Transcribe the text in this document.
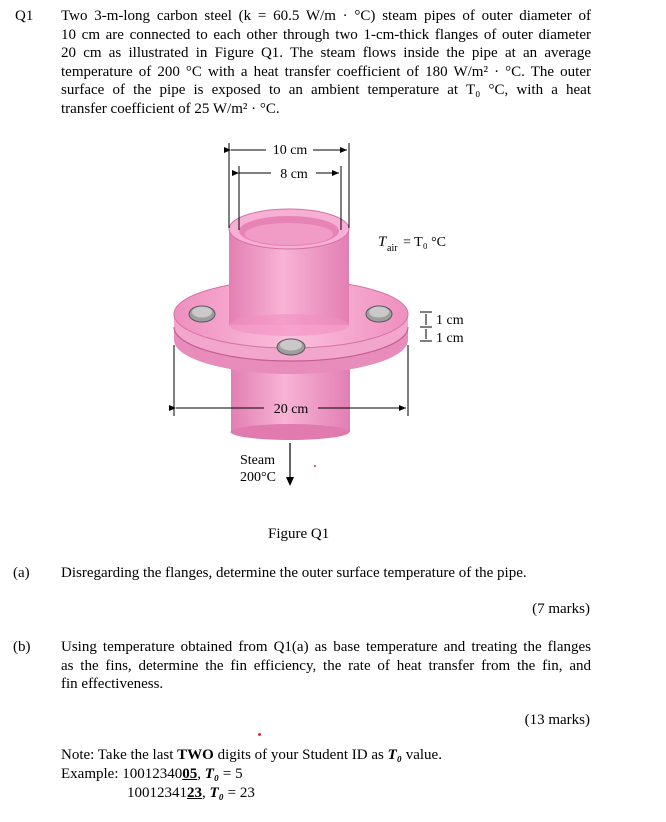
Q1 Two 3-m-long carbon steel (k = 60.5 W/m · °C) steam pipes of outer diameter of
10 cm are connected to each other through two 1-cm-thick flanges of outer diameter
20 cm as illustrated in Figure Q1. The steam flows inside the pipe at an average
temperature of 200 °C with a heat transfer coefficient of 180 W/m² · °C. The outer
surface of the pipe is exposed to an ambient temperature at T₀ °C, with a heat
transfer coefficient of 25 W/m² · °C.
10 cm
8 cm
20 cm
T air = T₀ °C
1 cm
1 cm
Steam
200°C
Figure Q1
(a) Disregarding the flanges, determine the outer surface temperature of the pipe.
(7 marks)
(b) Using temperature obtained from Q1(a) as base temperature and treating the flanges
as the fins, determine the fin efficiency, the rate of heat transfer from the fin, and
fin effectiveness.
(13 marks)
Note: Take the last TWO digits of your Student ID as T₀ value.
Example: 1001234005, T₀ = 5
1001234123, T₀ = 23
